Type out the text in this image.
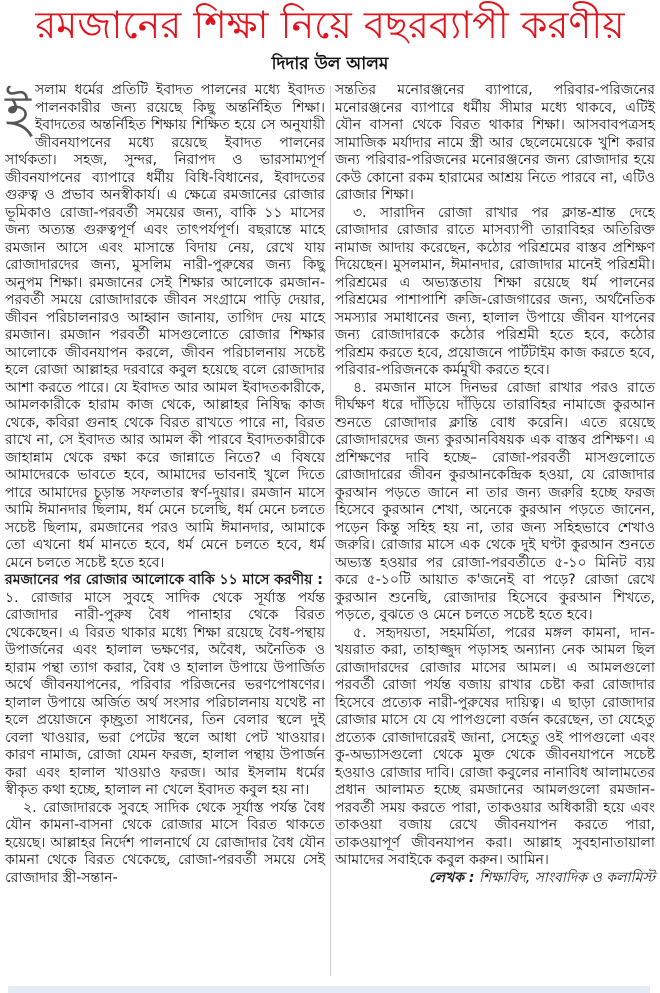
রমজানের শিক্ষা নিয়ে বছরব্যাপী করণীয়
দিদার উল আলম

ইসলাম ধর্মের প্রতিটি ইবাদত পালনের মধ্যে ইবাদত পালনকারীর জন্য রয়েছে কিছু অন্তর্নিহিত শিক্ষা। ইবাদতের অন্তর্নিহিত শিক্ষায় শিক্ষিত হয়ে সে অনুযায়ী জীবনযাপনের মধ্যে রয়েছে ইবাদত পালনের সার্থকতা। সহজ, সুন্দর, নিরাপদ ও ভারসাম্যপূর্ণ জীবনযাপনের ব্যাপারে ধর্মীয় বিধি-বিধানের, ইবাদতের গুরুত্ব ও প্রভাব অনস্বীকার্য। এ ক্ষেত্রে রমজানের রোজার ভূমিকাও রোজা-পরবর্তী সময়ের জন্য, বাকি ১১ মাসের জন্য অত্যন্ত গুরুত্বপূর্ণ এবং তাৎপর্যপূর্ণ। বছরান্তে মাহে রমজান আসে এবং মাসান্তে বিদায় নেয়, রেখে যায় রোজাদারদের জন্য, মুসলিম নারী-পুরুষের জন্য কিছু অনুপম শিক্ষা। রমজানের সেই শিক্ষার আলোকে রমজান-পরবর্তী সময়ে রোজাদারকে জীবন সংগ্রামে পাড়ি দেয়ার, জীবন পরিচালনারও আহ্বান জানায়, তাগিদ দেয় মাহে রমজান। রমজান পরবর্তী মাসগুলোতে রোজার শিক্ষার আলোকে জীবনযাপন করলে, জীবন পরিচালনায় সচেষ্ট হলে রোজা আল্লাহর দরবারে কবুল হয়েছে বলে রোজাদার আশা করতে পারে। যে ইবাদত আর আমল ইবাদতকারীকে, আমলকারীকে হারাম কাজ থেকে, আল্লাহর নিষিদ্ধ কাজ থেকে, কবিরা গুনাহ থেকে বিরত রাখতে পারে না, বিরত রাখে না, সে ইবাদত আর আমল কী পারবে ইবাদতকারীকে জাহান্নাম থেকে রক্ষা করে জান্নাতে নিতে? এ বিষয়ে আমাদেরকে ভাবতে হবে, আমাদের ভাবনাই খুলে দিতে পারে আমাদের চূড়ান্ত সফলতার স্বর্ণ-দুয়ার। রমজান মাসে আমি ঈমানদার ছিলাম, ধর্ম মেনে চলেছি, ধর্ম মেনে চলতে সচেষ্ট ছিলাম, রমজানের পরও আমি ঈমানদার, আমাকে তো এখনো ধর্ম মানতে হবে, ধর্ম মেনে চলতে হবে, ধর্ম মেনে চলতে সচেষ্ট হতে হবে।

রমজানের পর রোজার আলোকে বাকি ১১ মাসে করণীয় :

১. রোজার মাসে সুবহে সাদিক থেকে সূর্যাস্ত পর্যন্ত রোজাদার নারী-পুরুষ বৈধ পানাহার থেকে বিরত থেকেছেন। এ বিরত থাকার মধ্যে শিক্ষা রয়েছে বৈধ-পন্থায় উপার্জনের এবং হালাল ভক্ষণের, অবৈধ, অনৈতিক ও হারাম পন্থা ত্যাগ করার, বৈধ ও হালাল উপায়ে উপার্জিত অর্থে জীবনযাপনের, পরিবার পরিজনের ভরণপোষণের। হালাল উপায়ে অর্জিত অর্থ সংসার পরিচালনায় যথেষ্ট না হলে প্রয়োজনে কৃচ্ছ্রতা সাধনের, তিন বেলার স্থলে দুই বেলা খাওয়ার, ভরা পেটের স্থলে আধা পেট খাওয়ার। কারণ নামাজ, রোজা যেমন ফরজ, হালাল পন্থায় উপার্জন করা এবং হালাল খাওয়াও ফরজ। আর ইসলাম ধর্মের স্বীকৃত কথা হচ্ছে, হালাল না খেলে ইবাদত কবুল হয় না।

২. রোজাদারকে সুবহে সাদিক থেকে সূর্যাস্ত পর্যন্ত বৈধ যৌন কামনা-বাসনা থেকে রোজার মাসে বিরত থাকতে হয়েছে। আল্লাহর নির্দেশ পালনার্থে যে রোজাদার বৈধ যৌন কামনা থেকে বিরত থেকেছে, রোজা-পরবর্তী সময়ে সেই রোজাদার স্ত্রী-সন্তান-

সন্ততির মনোরঞ্জনের ব্যাপারে, পরিবার-পরিজনের মনোরঞ্জনের ব্যাপারে ধর্মীয় সীমার মধ্যে থাকবে, এটিই যৌন বাসনা থেকে বিরত থাকার শিক্ষা। আসবাবপত্রসহ সামাজিক মর্যাদার নামে স্ত্রী আর ছেলেমেয়েকে খুশি করার জন্য পরিবার-পরিজনের মনোরঞ্জনের জন্য রোজাদার হয়ে কেউ কোনো রকম হারামের আশ্রয় নিতে পারবে না, এটিও রোজার শিক্ষা।

৩. সারাদিন রোজা রাখার পর ক্লান্ত-শ্রান্ত দেহে রোজাদার রোজার রাতে মাসব্যাপী তারাবিহর অতিরিক্ত নামাজ আদায় করেছেন, কঠোর পরিশ্রমের বাস্তব প্রশিক্ষণ দিয়েছেন। মুসলমান, ঈমানদার, রোজাদার মানেই পরিশ্রমী। পরিশ্রমের এ অভ্যস্ততায় শিক্ষা রয়েছে ধর্ম পালনের পরিশ্রমের পাশাপাশি রুজি-রোজগারের জন্য, অর্থনৈতিক সমস্যার সমাধানের জন্য, হালাল উপায়ে জীবন যাপনের জন্য রোজাদারকে কঠোর পরিশ্রমী হতে হবে, কঠোর পরিশ্রম করতে হবে, প্রয়োজনে পার্টটাইম কাজ করতে হবে, পরিবার-পরিজনকে কর্মমুখী করতে হবে।

৪. রমজান মাসে দিনভর রোজা রাখার পরও রাতে দীর্ঘক্ষণ ধরে দাঁড়িয়ে দাঁড়িয়ে তারাবিহর নামাজে কুরআন শুনতে রোজাদার ক্লান্তি বোধ করেনি। এতে রয়েছে রোজাদারদের জন্য কুরআনবিষয়ক এক বাস্তব প্রশিক্ষণ। এ প্রশিক্ষণের দাবি হচ্ছে– রোজা-পরবর্তী মাসগুলোতে রোজাদারের জীবন কুরআনকেন্দ্রিক হওয়া, যে রোজাদার কুরআন পড়তে জানে না তার জন্য জরুরি হচ্ছে ফরজ হিসেবে কুরআন শেখা, অনেকে কুরআন পড়তে জানেন, পড়েন কিন্তু সহিহ হয় না, তার জন্য সহিহভাবে শেখাও জরুরি। রোজার মাসে এক থেকে দুই ঘণ্টা কুরআন শুনতে অভ্যস্ত হওয়ার পর রোজা-পরবর্তীতে ৫-১০ মিনিট ব্যয় করে ৫-১০টি আয়াত ক'জনেই বা পড়ে? রোজা রেখে কুরআন শুনেছি, রোজাদার হিসেবে কুরআন শিখতে, পড়তে, বুঝতে ও মেনে চলতে সচেষ্ট হতে হবে।

৫. সহৃদয়তা, সহমর্মিতা, পরের মঙ্গল কামনা, দান-খয়রাত করা, তাহাজ্জুদ পড়াসহ অন্যান্য নেক আমল ছিল রোজাদারদের রোজার মাসের আমল। এ আমলগুলো পরবর্তী রোজা পর্যন্ত বজায় রাখার চেষ্টা করা রোজাদার হিসেবে প্রত্যেক নারী-পুরুষের দায়িত্ব। এ ছাড়া রোজাদার রোজার মাসে যে যে পাপগুলো বর্জন করেছেন, তা যেহেতু প্রত্যেক রোজাদারেরই জানা, সেহেতু ওই পাপগুলো এবং কু-অভ্যাসগুলো থেকে মুক্ত থেকে জীবনযাপনে সচেষ্ট হওয়াও রোজার দাবি। রোজা কবুলের নানাবিধ আলামতের প্রধান আলামত হচ্ছে রমজানের আমলগুলো রমজান-পরবর্তী সময় করতে পারা, তাকওয়ার অধিকারী হয়ে এবং তাকওয়া বজায় রেখে জীবনযাপন করতে পারা, তাকওয়াপূর্ণ জীবনযাপন করা। আল্লাহ সুবহানাতায়ালা আমাদের সবাইকে কবুল করুন। আমিন।

লেখক : শিক্ষাবিদ, সাংবাদিক ও কলামিস্ট
